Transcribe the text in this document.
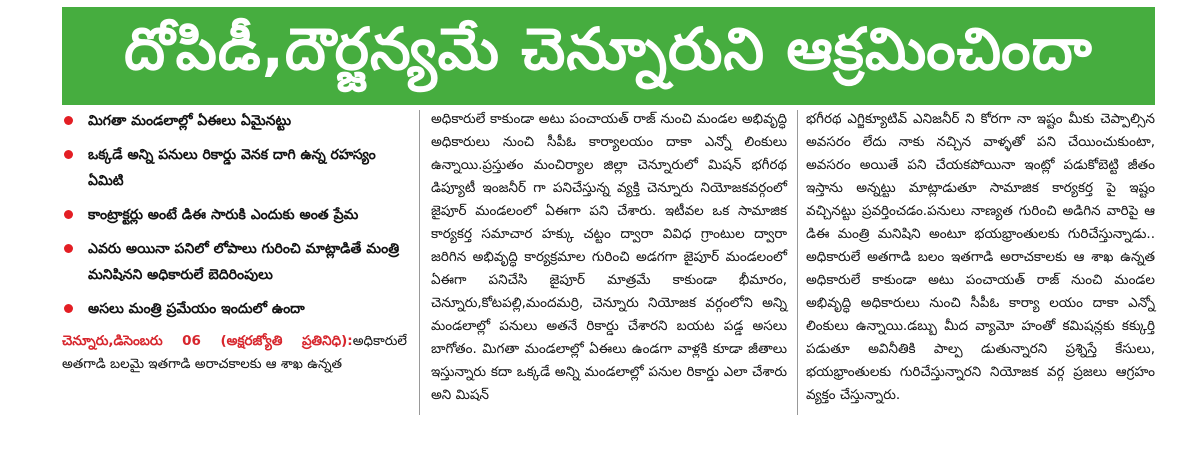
దోపిడీ,దౌర్జన్యమే చెన్నూరుని ఆక్రమించిందా
మిగతా మండలాల్లో ఏఈలు ఏమైనట్టు
ఒక్కడే అన్ని పనులు రికార్డు వెనక దాగి ఉన్న రహస్యం ఏమిటి
కాంట్రాక్టర్లు అంటే డిఈ సారుకి ఎందుకు అంత ప్రేమ
ఎవరు అయినా పనిలో లోపాలు గురించి మాట్లాడితే మంత్రి మనిషినని అధికారులే బెదిరింపులు
అసలు మంత్రి ప్రమేయం ఇందులో ఉందా

చెన్నూరు,డిసెంబరు 06 (అక్షరజ్యోతి ప్రతినిధి):అధికారులే అతగాడి బలమై ఇతగాడి అరాచకాలకు ఆ శాఖ ఉన్నత

అధికారులే కాకుండా అటు పంచాయత్ రాజ్ నుంచి మండల అభివృద్ధి అధికారులు నుంచి సీపీఓ కార్యాలయం దాకా ఎన్నో లింకులు ఉన్నాయి.ప్రస్తుతం మంచిర్యాల జిల్లా చెన్నూరులో మిషన్ భగీరథ డిప్యూటీ ఇంజనీర్ గా పనిచేస్తున్న వ్యక్తి చెన్నూరు నియోజకవర్గంలో జైపూర్ మండలంలో ఏఈగా పని చేశారు. ఇటీవల ఒక సామాజిక కార్యకర్త సమాచార హక్కు చట్టం ద్వారా వివిధ గ్రాంటుల ద్వారా జరిగిన అభివృద్ధి కార్యక్రమాల గురించి అడగగా జైపూర్ మండలంలో ఏఈగా పనిచేసి జైపూర్ మాత్రమే కాకుండా భీమారం, చెన్నూరు,కోటపల్లి,మందమర్రి, చెన్నూరు నియోజక వర్గంలోని అన్ని మండలాల్లో పనులు అతనే రికార్డు చేశారని బయట పడ్డ అసలు బాగోతం. మిగతా మండలాల్లో ఏఈలు ఉండగా వాళ్లకి కూడా జీతాలు ఇస్తున్నారు కదా ఒక్కడే అన్ని మండలాల్లో పనుల రికార్డు ఎలా చేశారు అని మిషన్

భగీరథ ఎగ్జిక్యూటివ్ ఎనిజనీర్ ని కోరగా నా ఇష్టం మీకు చెప్పాల్సిన అవసరం లేదు నాకు నచ్చిన వాళ్ళతో పని చేయించుకుంటా, అవసరం అయితే పని చేయకపోయినా ఇంట్లో పడుకోబెట్టి జీతం ఇస్తాను అన్నట్టు మాట్లాడుతూ సామాజిక కార్యకర్త పై ఇష్టం వచ్చినట్టు ప్రవర్తించడం.పనులు నాణ్యత గురించి అడిగిన వారిపై ఆ డిఈ మంత్రి మనిషిని అంటూ భయభ్రాంతులకు గురిచేస్తున్నాడు.. అధికారులే అతగాడి బలం ఇతగాడి అరాచకాలకు ఆ శాఖ ఉన్నత అధికారులే కాకుండా అటు పంచాయత్ రాజ్ నుంచి మండల అభివృద్ధి అధికారులు నుంచి సీపీఓ కార్యా లయం దాకా ఎన్నో లింకులు ఉన్నాయి.డబ్బు మీద వ్యామో హంతో కమిషన్లకు కక్కుర్తి పడుతూ అవినీతికి పాల్ప డుతున్నారని ప్రశ్నిస్తే కేసులు, భయభ్రాంతులకు గురిచేస్తున్నారని నియోజక వర్గ ప్రజలు ఆగ్రహం వ్యక్తం చేస్తున్నారు.
